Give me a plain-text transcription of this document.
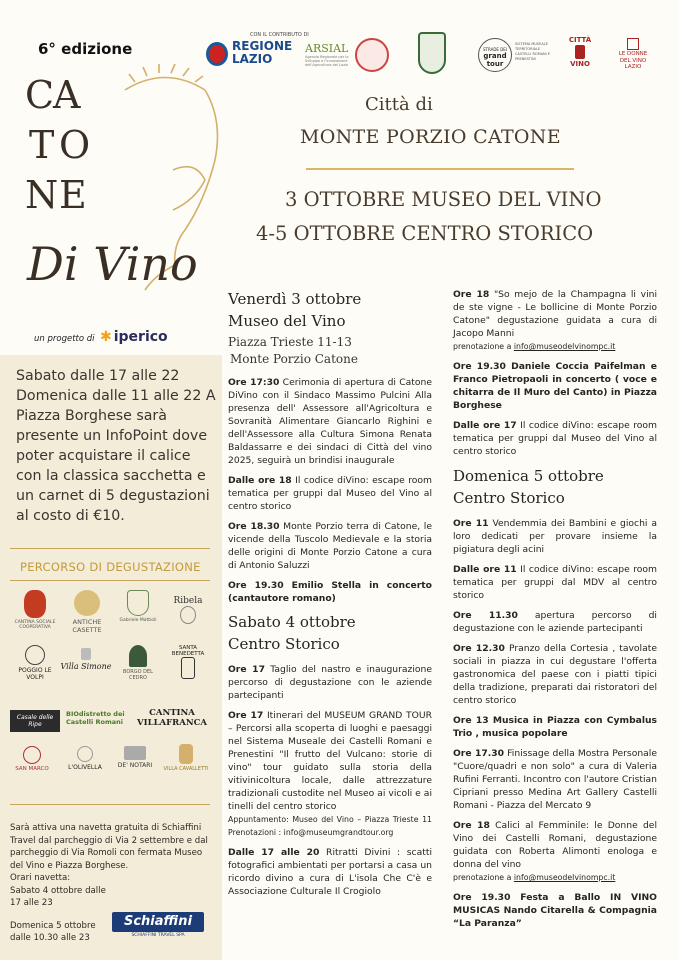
6° edizione
C
A
T O
N E
Di Vino
un progetto di ✱ iperico
Sabato dalle 17 alle 22 Domenica dalle 11 alle 22 A Piazza Borghese sarà presente un InfoPoint dove poter acquistare il calice con la classica sacchetta e un carnet di 5 degustazioni al costo di €10.
PERCORSO DI DEGUSTAZIONE
CANTINA SOCIALE COOPERATIVA
ANTICHE CASETTE
Gabriele Mattioli
Ribela
POGGIO LE VOLPI
Villa Simone
BORGO DEL CEDRO
SANTA BENEDETTA
Casale delle Ripe
BIOdistretto dei Castelli Romani
CANTINA VILLAFRANCA
SAN MARCO	L'OLIVELLA	DE' NOTARI	VILLA CAVALLETTI
Sarà attiva una navetta gratuita di Schiaffini Travel dal parcheggio di Via 2 settembre e dal parcheggio di Via Romoli con fermata Museo del Vino e Piazza Borghese.
Orari navetta:
Sabato 4 ottobre dalle 17 alle 23
Domenica 5 ottobre dalle 10.30 alle 23
Schiaffini
SCHIAFFINI TRAVEL SPA
CON IL CONTRIBUTO DI
REGIONE
LAZIO
ARSIAL
Agenzia Regionale per lo Sviluppo e l'Innovazione dell'Agricoltura del Lazio
STRADE DEI
grand tour
SISTEMA MUSEALE TERRITORIALE CASTELLI ROMANI E PRENESTINI
CITTÀ
VINO
LE DONNE
DEL VINO
LAZIO
Città di
MONTE PORZIO CATONE
3 OTTOBRE MUSEO DEL VINO
4-5 OTTOBRE CENTRO STORICO
Venerdì 3 ottobre
Museo del Vino
Piazza Trieste 11-13
Monte Porzio Catone
Ore 17:30 Cerimonia di apertura di Catone DiVino con il Sindaco Massimo Pulcini Alla presenza dell' Assessore all'Agricoltura e Sovranità Alimentare Giancarlo Righini e dell'Assessore alla Cultura Simona Renata Baldassarre e dei sindaci di Città del vino 2025, seguirà un brindisi inaugurale
Dalle ore 18 Il codice diVino: escape room tematica per gruppi dal Museo del Vino al centro storico
Ore 18.30 Monte Porzio terra di Catone, le vicende della Tuscolo Medievale e la storia delle origini di Monte Porzio Catone a cura di Antonio Saluzzi
Ore 19.30 Emilio Stella in concerto (cantautore romano)
Sabato 4 ottobre
Centro Storico
Ore 17 Taglio del nastro e inaugurazione percorso di degustazione con le aziende partecipanti
Ore 17 Itinerari del MUSEUM GRAND TOUR – Percorsi alla scoperta di luoghi e paesaggi nel Sistema Museale dei Castelli Romani e Prenestini "Il frutto del Vulcano: storie di vino" tour guidato sulla storia della vitivinicoltura locale, dalle attrezzature tradizionali custodite nel Museo ai vicoli e ai tinelli del centro storico
Appuntamento: Museo del Vino – Piazza Trieste 11 Prenotazioni : info@museumgrandtour.org
Dalle 17 alle 20 Ritratti Divini : scatti fotografici ambientati per portarsi a casa un ricordo divino a cura di L'isola Che C'è e Associazione Culturale Il Crogiolo
Ore 18 "So mejo de la Champagna li vini de ste vigne - Le bollicine di Monte Porzio Catone" degustazione guidata a cura di Jacopo Manni
prenotazione a info@museodelvinompc.it
Ore 19.30 Daniele Coccia Paifelman e Franco Pietropaoli in concerto ( voce e chitarra de Il Muro del Canto) in Piazza Borghese
Dalle ore 17 Il codice diVino: escape room tematica per gruppi dal Museo del Vino al centro storico
Domenica 5 ottobre
Centro Storico
Ore 11 Vendemmia dei Bambini e giochi a loro dedicati per provare insieme la pigiatura degli acini
Dalle ore 11 Il codice diVino: escape room tematica per gruppi dal MDV al centro storico
Ore 11.30 apertura percorso di degustazione con le aziende partecipanti
Ore 12.30 Pranzo della Cortesia , tavolate sociali in piazza in cui degustare l'offerta gastronomica del paese con i piatti tipici della tradizione, preparati dai ristoratori del centro storico
Ore 13 Musica in Piazza con Cymbalus Trio , musica popolare
Ore 17.30 Finissage della Mostra Personale "Cuore/quadri e non solo" a cura di Valeria Rufini Ferranti. Incontro con l'autore Cristian Cipriani presso Medina Art Gallery Castelli Romani - Piazza del Mercato 9
Ore 18 Calici al Femminile: le Donne del Vino dei Castelli Romani, degustazione guidata con Roberta Alimonti enologa e donna del vino
prenotazione a info@museodelvinompc.it
Ore 19.30 Festa a Ballo IN VINO MUSICAS Nando Citarella & Compagnia “La Paranza”
